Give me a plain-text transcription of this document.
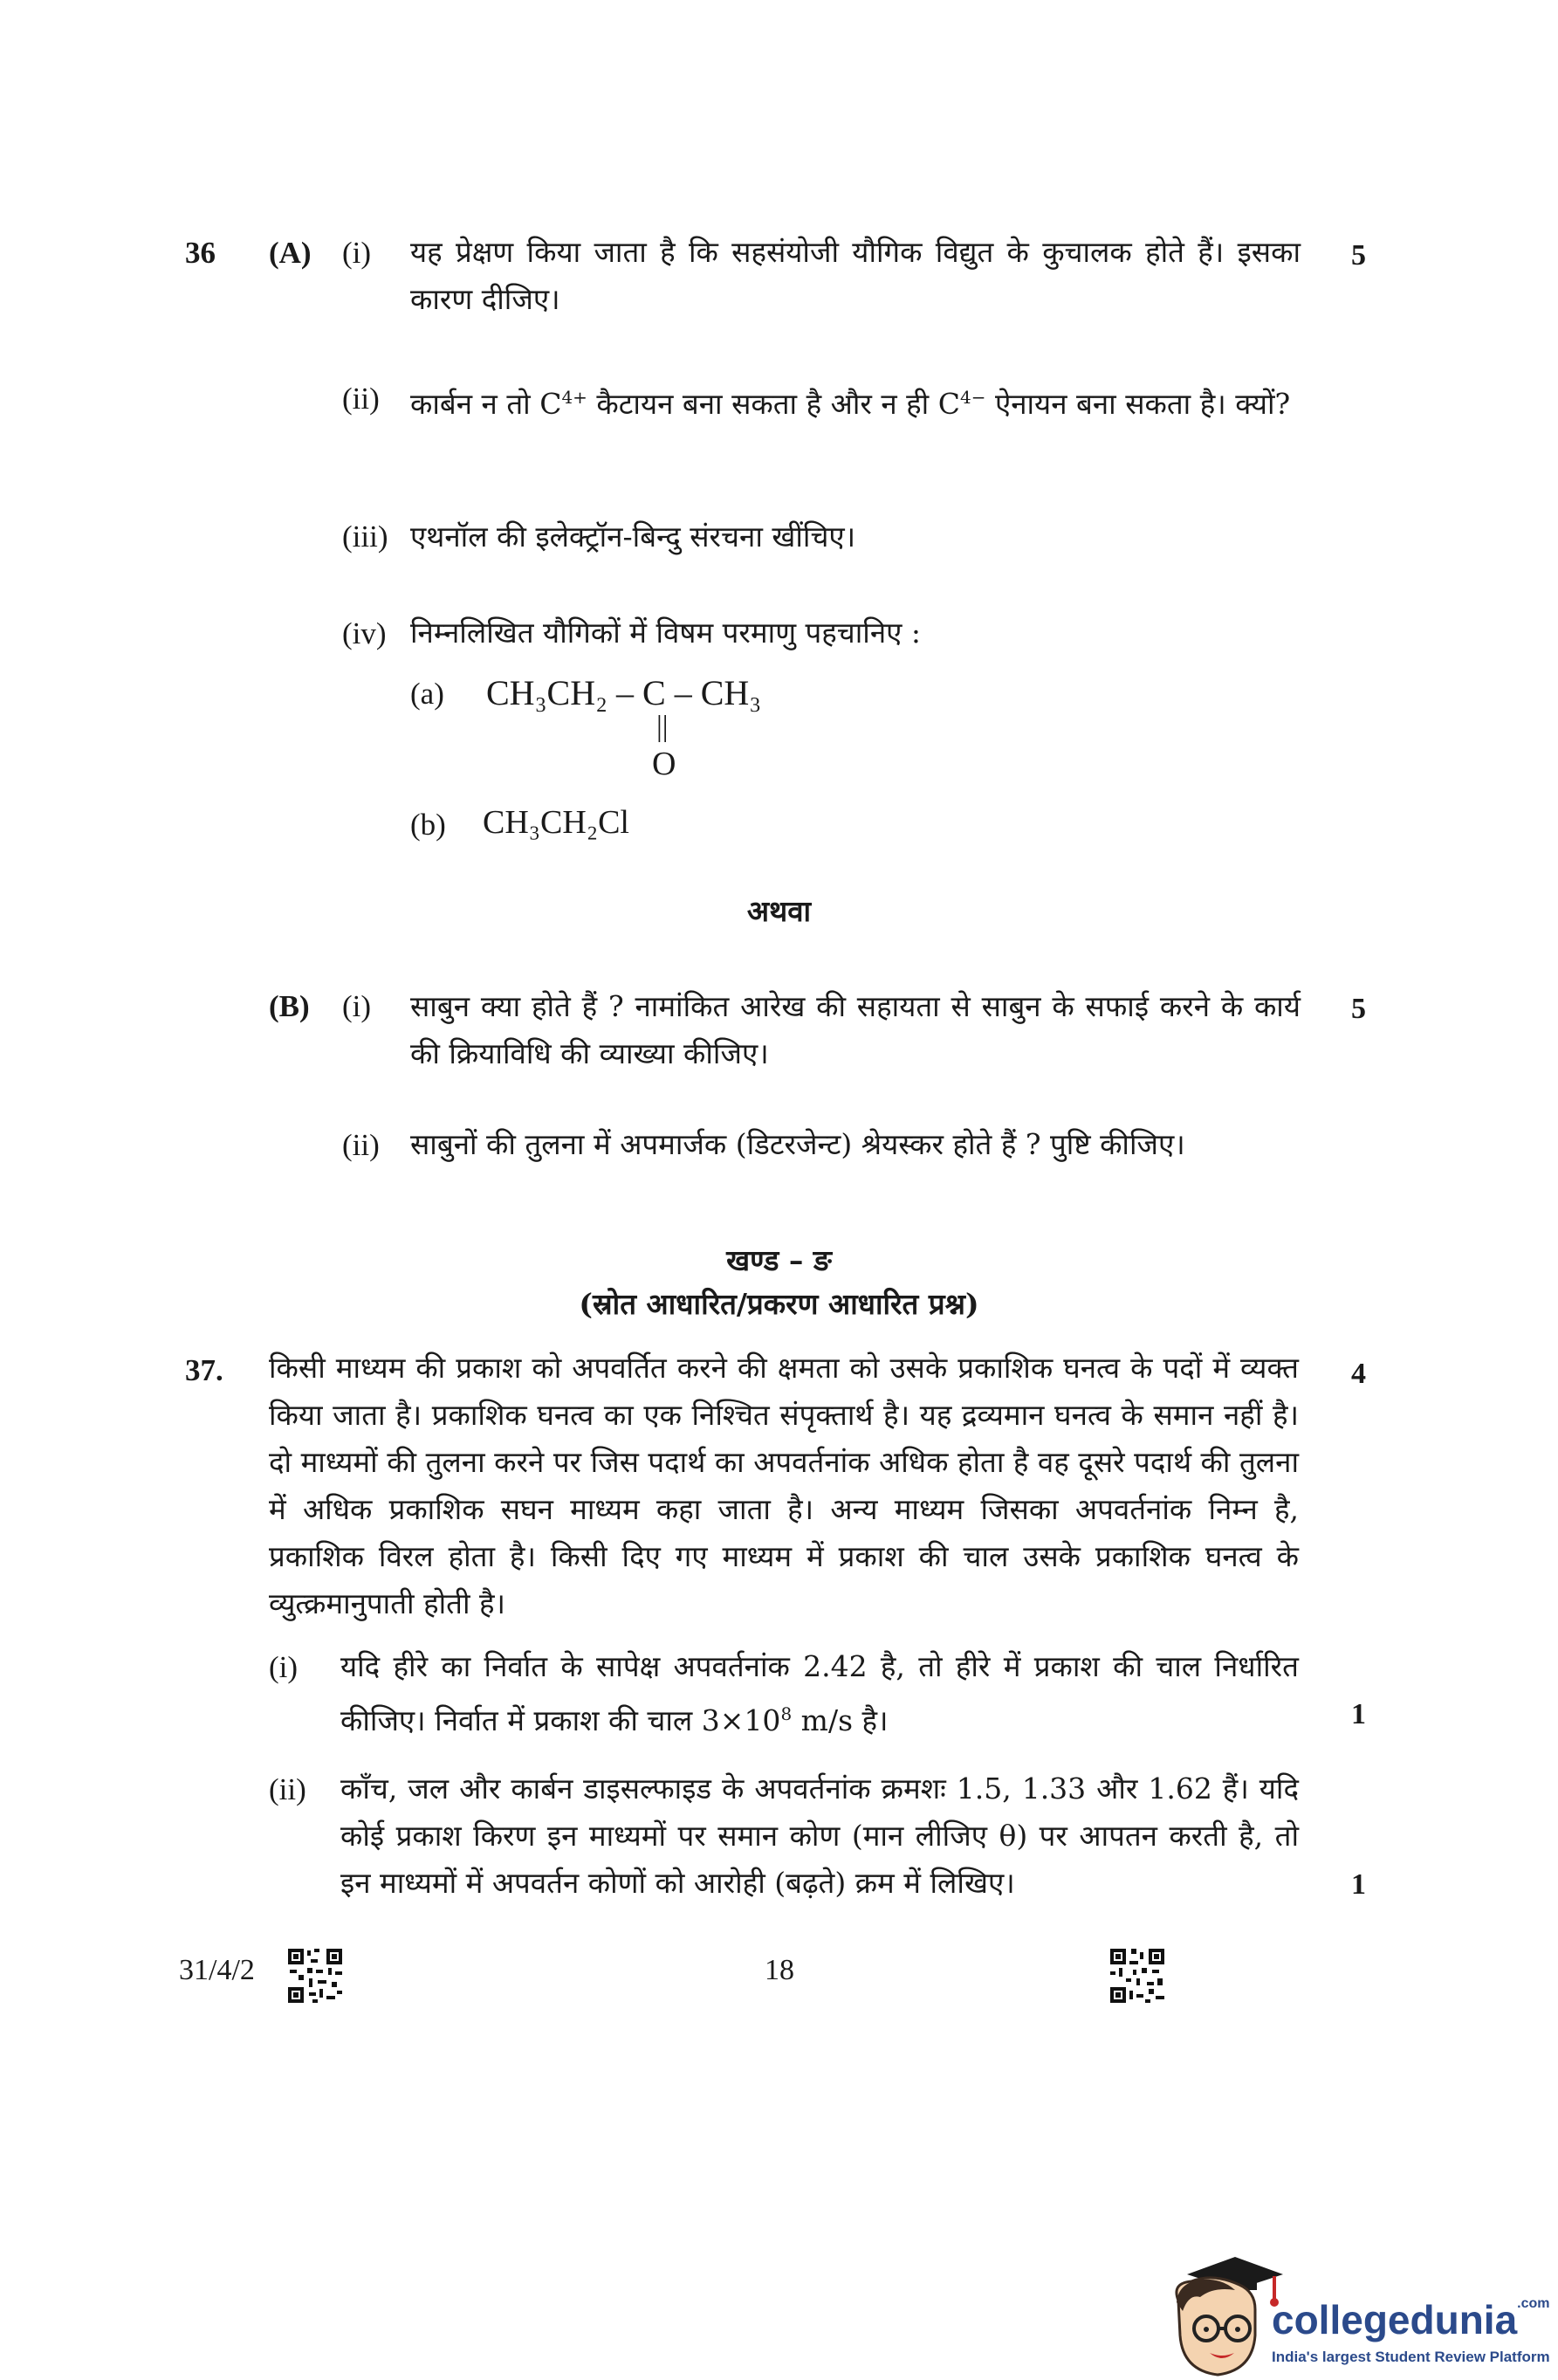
36 (A) (i) यह प्रेक्षण किया जाता है कि सहसंयोजी यौगिक विद्युत के कुचालक होते हैं। इसका कारण दीजिए।
5
(ii) कार्बन न तो $C^{4+}$ कैटायन बना सकता है और न ही $C^{4-}$ ऐनायन बना सकता है। क्यों?
(iii) एथनॉल की इलेक्ट्रॉन-बिन्दु संरचना खींचिए।
(iv) निम्नलिखित यौगिकों में विषम परमाणु पहचानिए :
(a) CH₃CH₂ – C – CH₃
||
O
(b) CH₃CH₂Cl
अथवा
(B) (i) साबुन क्या होते हैं ? नामांकित आरेख की सहायता से साबुन के सफाई करने के कार्य की क्रियाविधि की व्याख्या कीजिए।
5
(ii) साबुनों की तुलना में अपमार्जक (डिटरजेन्ट) श्रेयस्कर होते हैं ? पुष्टि कीजिए।
खण्ड – ङ
(स्रोत आधारित/प्रकरण आधारित प्रश्न)
37. किसी माध्यम की प्रकाश को अपवर्तित करने की क्षमता को उसके प्रकाशिक घनत्व के पदों में व्यक्त किया जाता है। प्रकाशिक घनत्व का एक निश्चित संपृक्तार्थ है। यह द्रव्यमान घनत्व के समान नहीं है। दो माध्यमों की तुलना करने पर जिस पदार्थ का अपवर्तनांक अधिक होता है वह दूसरे पदार्थ की तुलना में अधिक प्रकाशिक सघन माध्यम कहा जाता है। अन्य माध्यम जिसका अपवर्तनांक निम्न है, प्रकाशिक विरल होता है। किसी दिए गए माध्यम में प्रकाश की चाल उसके प्रकाशिक घनत्व के व्युत्क्रमानुपाती होती है।
4
(i) यदि हीरे का निर्वात के सापेक्ष अपवर्तनांक 2.42 है, तो हीरे में प्रकाश की चाल निर्धारित कीजिए। निर्वात में प्रकाश की चाल $3\times 10^8$ m/s है।	1
(ii) काँच, जल और कार्बन डाइसल्फाइड के अपवर्तनांक क्रमशः 1.5, 1.33 और 1.62 हैं। यदि कोई प्रकाश किरण इन माध्यमों पर समान कोण (मान लीजिए θ) पर आपतन करती है, तो इन माध्यमों में अपवर्तन कोणों को आरोही (बढ़ते) क्रम में लिखिए।	1
31/4/2	18
collegedunia$^{.com}$
India's largest Student Review Platform
